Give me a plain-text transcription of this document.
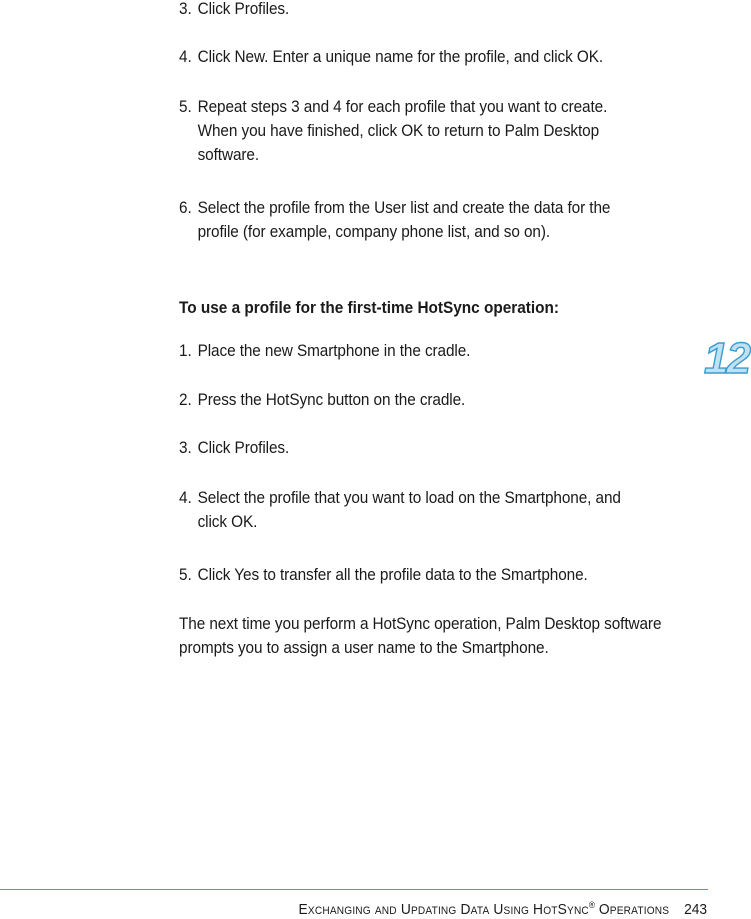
3. Click Profiles.
4. Click New. Enter a unique name for the profile, and click OK.
5. Repeat steps 3 and 4 for each profile that you want to create. When you have finished, click OK to return to Palm Desktop software.
6. Select the profile from the User list and create the data for the profile (for example, company phone list, and so on).
To use a profile for the first-time HotSync operation:
1. Place the new Smartphone in the cradle.
2. Press the HotSync button on the cradle.
3. Click Profiles.
4. Select the profile that you want to load on the Smartphone, and click OK.
5. Click Yes to transfer all the profile data to the Smartphone.
The next time you perform a HotSync operation, Palm Desktop software prompts you to assign a user name to the Smartphone.
12
Exchanging and Updating Data Using HotSync® Operations 243
